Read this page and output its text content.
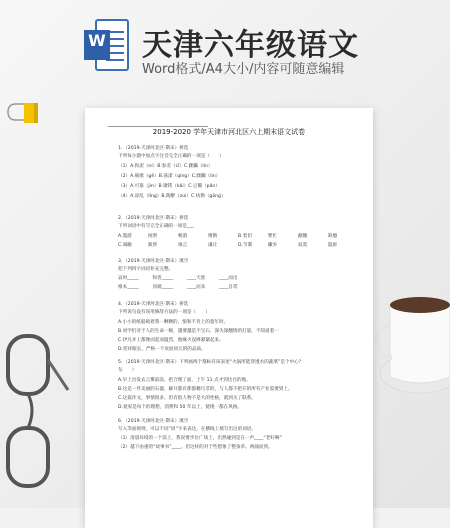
W 天津六年级语文
Word格式/A4大小/内容可随意编辑
2019-2020 学年天津市河北区六上期末语文试卷
1．（2019·天津河北区·期末）拼选
下列每小题中加点字注音完全正确的一项是（　　）
（1）A.拘泥（ní）B.参差（cī）C.蹂躏（lìn）
（2）A.载歌（gē）B.荡漾（qíng）C.蹂躏（lìn）
（3）A.可靠（jìn）B.镣铐（kǎi）C.豆瓣（pǎn）
（4）A.添乱（lǐng）B.陶醉（zuì）C.执拗（gōng）
2．（2019·天津河北区·期末）拼选
下列词语中有写完全正确的一项是___
A.遨游	困窘	畅游	锵锵	B.着切	繁忙	颠簸	缺憾
C.凋敝	跋涉	谗言	谦让	D.节制	撇弃	寂寞	隐匿
3．（2019·天津河北区·期末）填空
把下列四字词语补充完整。
哀时_____　　　和善_____　　　____天涯　　　____而出
根本_____　　　顶端_____　　　____而来　　　____自赏
4．（2019·天津河北区·期末）拼选
下列说句没有误用修辞方法的一项是（　　）
A.小小的纸船载着我一颗颗的，恨和不肯上的童年时。
B.同学们对于人的生命一顿，越要越是不宝石，深失深翻情的打量，不知道着一
C.伊凡并上都像而起而温烈，他缘火没够紧紧起来。
D.慈祥眼长，严格一个欢而同元的的品质。
5．（2019·天津河北区·期末）下列画两个都标有该表述“火锅所能穿透水的蔬菜”是个中心？
句　　）
A.早上出发去云雾前前，把合理了面，上午 11 点才到达目的地。
B.这是一件美丽的石器，解开都有那都精巧非的，与人都不把开的所有产业需要到上。
C.这篇作文，事情很多，但有很人物不是大的性格，就到关了联系。
D.爱家是每个的理想，消费和 50 年以上，使现一都在风格。
6．（2019·天津河北区·期末）填空
写入等面规则，可以不同“同”字来表达，在横线上填写出这的词语。
（1）清晨环境的一个前上，我说要步位广场上，出然碰到是在一声____“老好啊”
（2）越下由重的“故事书”____。但这样的对于些想象了整条草。两涌而到。
